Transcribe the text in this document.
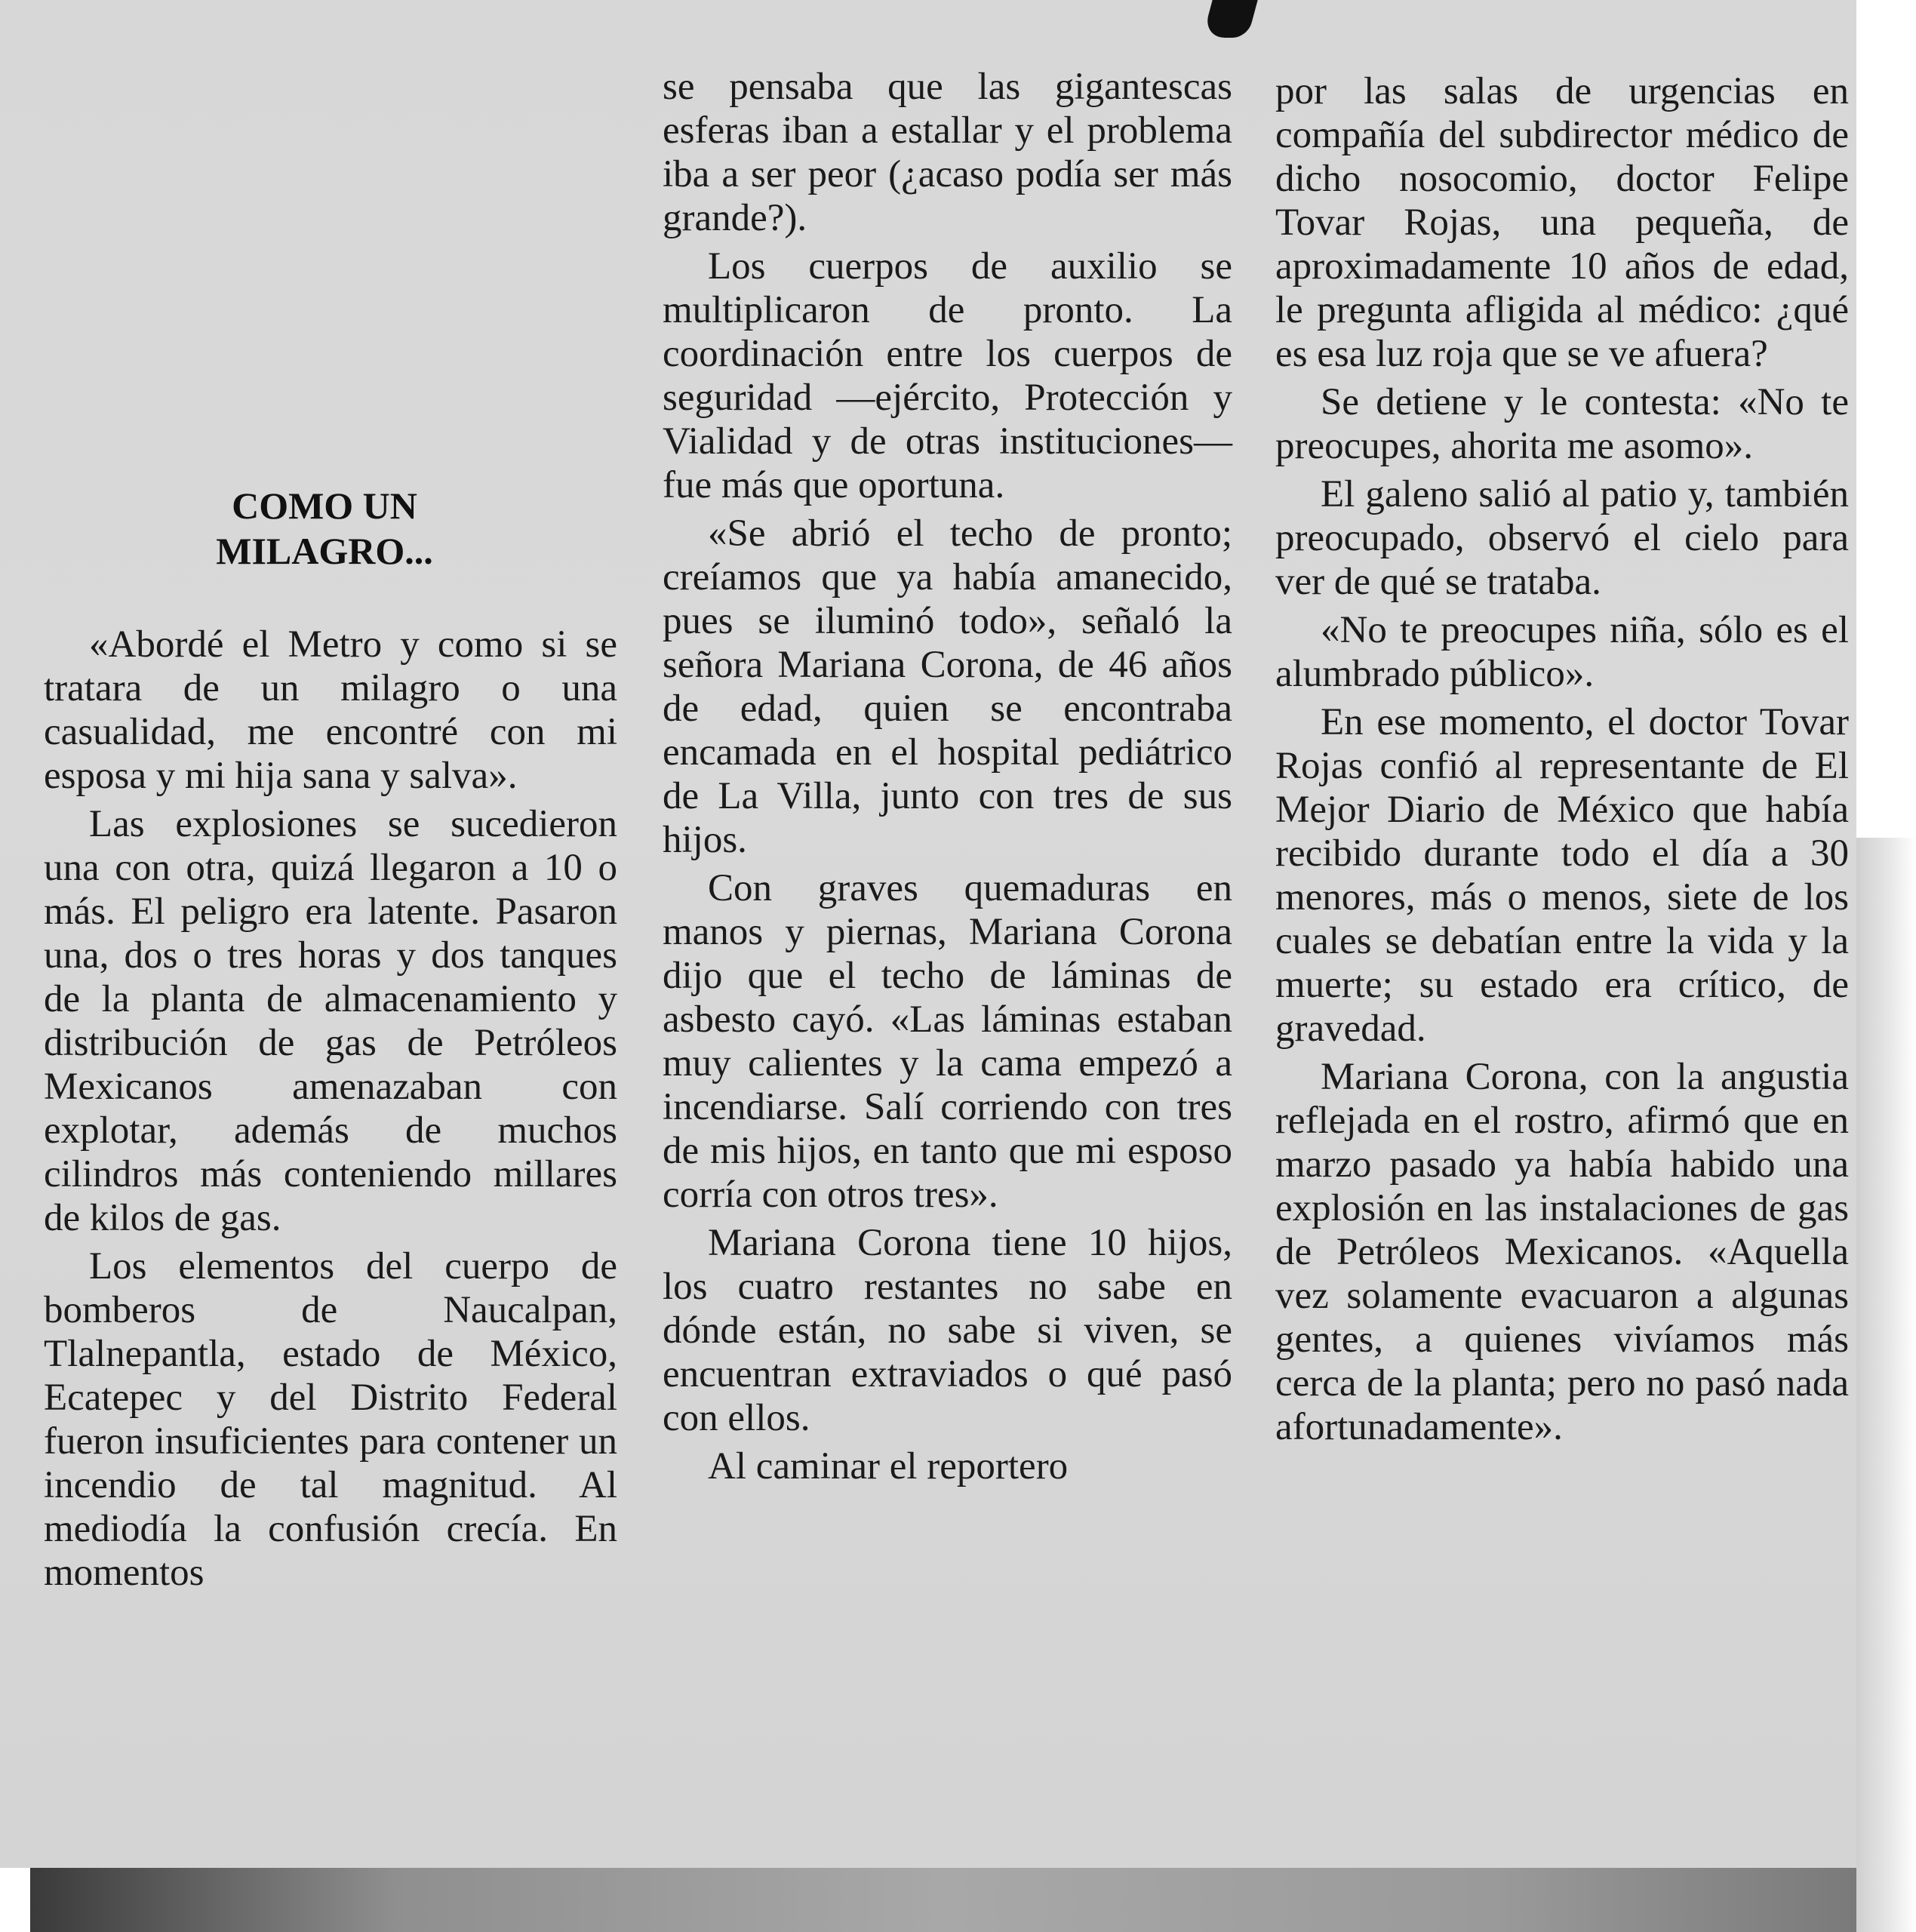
COMO UN MILAGRO...

«Abordé el Metro y como si se tratara de un milagro o una casualidad, me encontré con mi esposa y mi hija sana y salva».

Las explosiones se sucedieron una con otra, quizá llegaron a 10 o más. El peligro era latente. Pasaron una, dos o tres horas y dos tanques de la planta de almacenamiento y distribución de gas de Petróleos Mexicanos amenazaban con explotar, además de muchos cilindros más conteniendo millares de kilos de gas.

Los elementos del cuerpo de bomberos de Naucalpan, Tlalnepantla, estado de México, Ecatepec y del Distrito Federal fueron insuficientes para contener un incendio de tal magnitud. Al mediodía la confusión crecía. En momentos

se pensaba que las gigantescas esferas iban a estallar y el problema iba a ser peor (¿acaso podía ser más grande?).

Los cuerpos de auxilio se multiplicaron de pronto. La coordinación entre los cuerpos de seguridad —ejército, Protección y Vialidad y de otras instituciones— fue más que oportuna.

«Se abrió el techo de pronto; creíamos que ya había amanecido, pues se iluminó todo», señaló la señora Mariana Corona, de 46 años de edad, quien se encontraba encamada en el hospital pediátrico de La Villa, junto con tres de sus hijos.

Con graves quemaduras en manos y piernas, Mariana Corona dijo que el techo de láminas de asbesto cayó. «Las láminas estaban muy calientes y la cama empezó a incendiarse. Salí corriendo con tres de mis hijos, en tanto que mi esposo corría con otros tres».

Mariana Corona tiene 10 hijos, los cuatro restantes no sabe en dónde están, no sabe si viven, se encuentran extraviados o qué pasó con ellos.

Al caminar el reportero

por las salas de urgencias en compañía del subdirector médico de dicho nosocomio, doctor Felipe Tovar Rojas, una pequeña, de aproximadamente 10 años de edad, le pregunta afligida al médico: ¿qué es esa luz roja que se ve afuera?

Se detiene y le contesta: «No te preocupes, ahorita me asomo».

El galeno salió al patio y, también preocupado, observó el cielo para ver de qué se trataba.

«No te preocupes niña, sólo es el alumbrado público».

En ese momento, el doctor Tovar Rojas confió al representante de El Mejor Diario de México que había recibido durante todo el día a 30 menores, más o menos, siete de los cuales se debatían entre la vida y la muerte; su estado era crítico, de gravedad.

Mariana Corona, con la angustia reflejada en el rostro, afirmó que en marzo pasado ya había habido una explosión en las instalaciones de gas de Petróleos Mexicanos. «Aquella vez solamente evacuaron a algunas gentes, a quienes vivíamos más cerca de la planta; pero no pasó nada afortunadamente».
